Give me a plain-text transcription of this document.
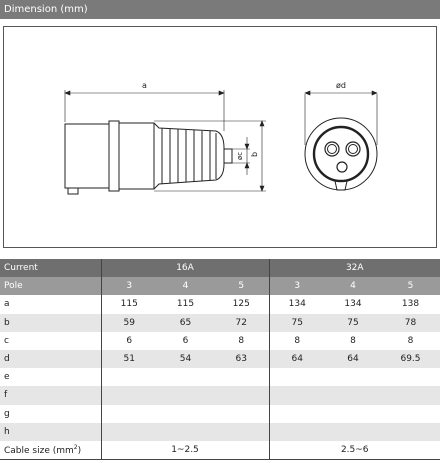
Dimension (mm)
a
b
øc
ød
Current	16A			32A		
Pole	3	4	5	3	4	5
a	115	115	125	134	134	138
b	59	65	72	75	75	78
c	6	6	8	8	8	8
d	51	54	63	64	64	69.5
e						
f						
g						
h						
Cable size $(mm^2)$	1~2.5			2.5~6		
